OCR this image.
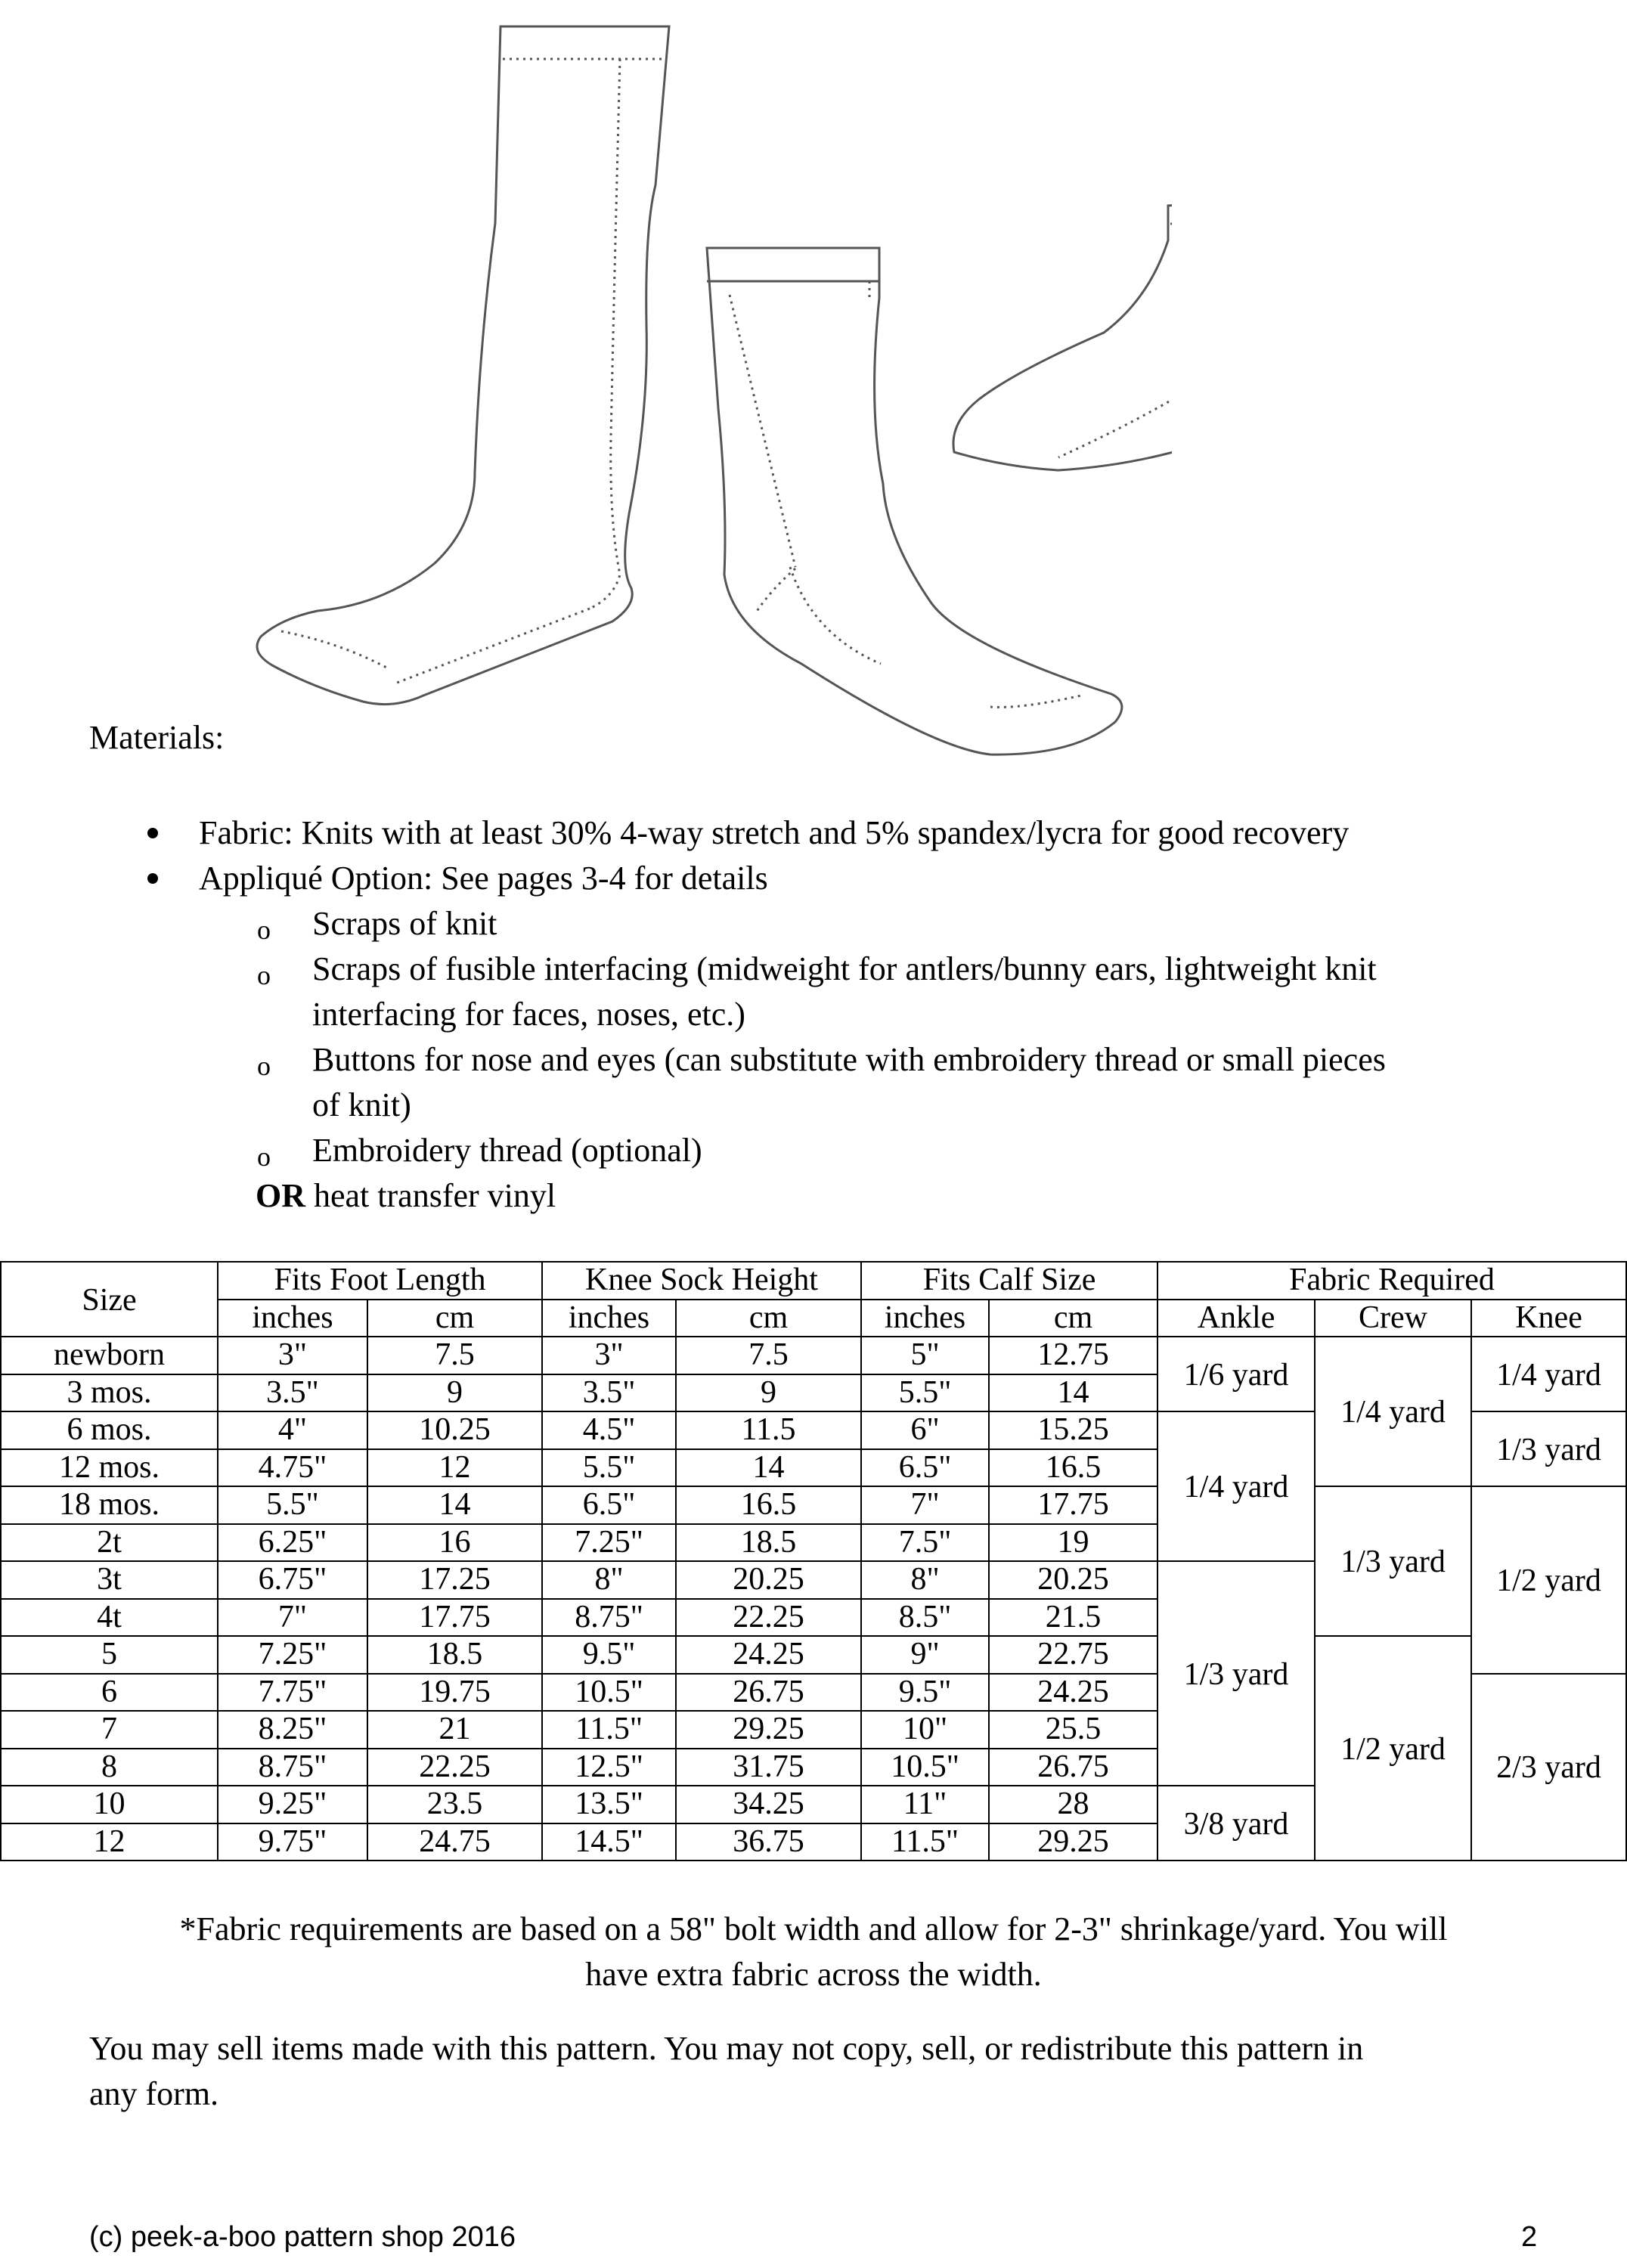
Materials:
Fabric: Knits with at least 30% 4-way stretch and 5% spandex/lycra for good recovery
Appliqué Option: See pages 3-4 for details
o Scraps of knit
o Scraps of fusible interfacing (midweight for antlers/bunny ears, lightweight knit
interfacing for faces, noses, etc.)
o Buttons for nose and eyes (can substitute with embroidery thread or small pieces
of knit)
o Embroidery thread (optional)
OR heat transfer vinyl
Size	Fits Foot Length		Knee Sock Height		Fits Calf Size		Fabric Required		
	inches	cm	inches	cm	inches	cm	Ankle	Crew	Knee
newborn	3"	7.5	3"	7.5	5"	12.75	1/6 yard	1/4 yard	1/4 yard
3 mos.	3.5"	9	3.5"	9	5.5"	14			
6 mos.	4"	10.25	4.5"	11.5	6"	15.25	1/4 yard		1/3 yard
12 mos.	4.75"	12	5.5"	14	6.5"	16.5			
18 mos.	5.5"	14	6.5"	16.5	7"	17.75		1/3 yard	1/2 yard
2t	6.25"	16	7.25"	18.5	7.5"	19			
3t	6.75"	17.25	8"	20.25	8"	20.25	1/3 yard		
4t	7"	17.75	8.75"	22.25	8.5"	21.5			
5	7.25"	18.5	9.5"	24.25	9"	22.75		1/2 yard	
6	7.75"	19.75	10.5"	26.75	9.5"	24.25			2/3 yard
7	8.25"	21	11.5"	29.25	10"	25.5			
8	8.75"	22.25	12.5"	31.75	10.5"	26.75			
10	9.25"	23.5	13.5"	34.25	11"	28	3/8 yard		
12	9.75"	24.75	14.5"	36.75	11.5"	29.25			
*Fabric requirements are based on a 58" bolt width and allow for 2-3" shrinkage/yard. You will
have extra fabric across the width.
You may sell items made with this pattern. You may not copy, sell, or redistribute this pattern in
any form.
(c) peek-a-boo pattern shop 2016	2
